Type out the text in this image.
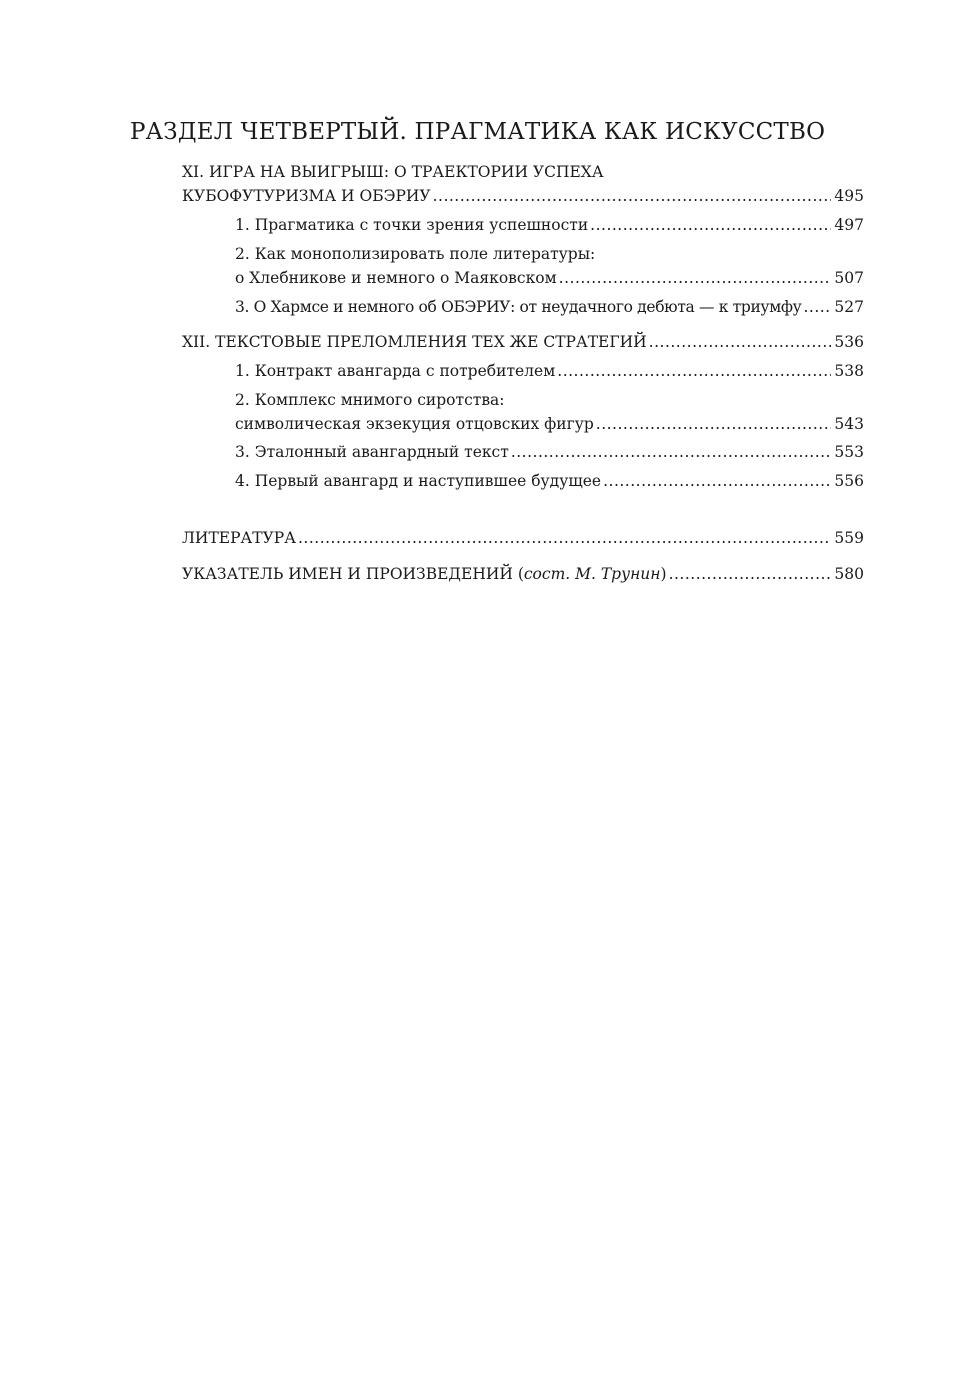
РАЗДЕЛ ЧЕТВЕРТЫЙ. ПРАГМАТИКА КАК ИСКУССТВО
XI. ИГРА НА ВЫИГРЫШ: О ТРАЕКТОРИИ УСПЕХА
КУБОФУТУРИЗМА И ОБЭРИУ .....	495
1. Прагматика с точки зрения успешности .....	497
2. Как монополизировать поле литературы:
о Хлебникове и немного о Маяковском .....	507
3. О Хармсе и немного об ОБЭРИУ: от неудачного дебюта — к триумфу ..... 527
XII. ТЕКСТОВЫЕ ПРЕЛОМЛЕНИЯ ТЕХ ЖЕ СТРАТЕГИЙ .....	536
1. Контракт авангарда с потребителем .....	538
2. Комплекс мнимого сиротства:
символическая экзекуция отцовских фигур .....	543
3. Эталонный авангардный текст .....	553
4. Первый авангард и наступившее будущее .....	556
ЛИТЕРАТУРА .....	559
УКАЗАТЕЛЬ ИМЕН И ПРОИЗВЕДЕНИЙ (сост. М. Трунин) .....	580
